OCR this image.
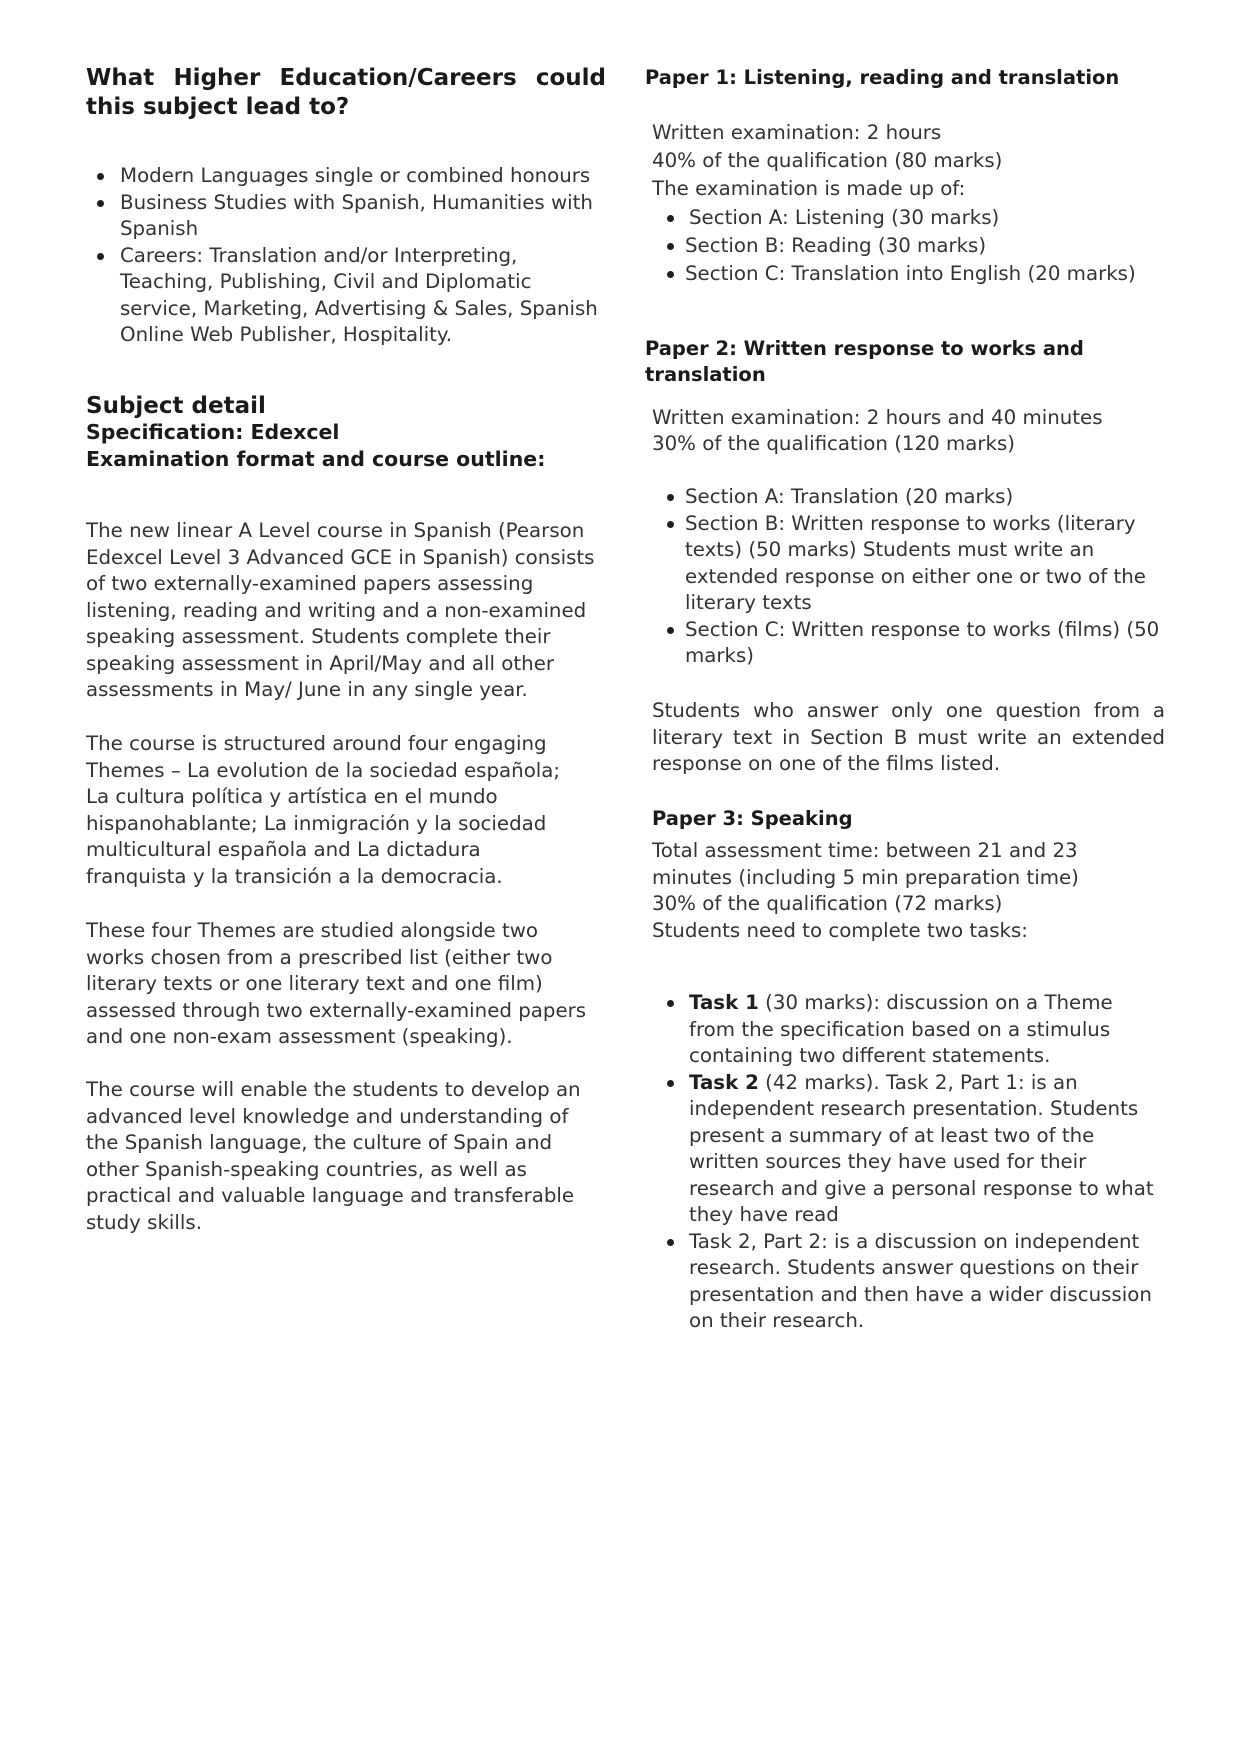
What Higher Education/Careers could this subject lead to?
Modern Languages single or combined honours
Business Studies with Spanish, Humanities with Spanish
Careers: Translation and/or Interpreting, Teaching, Publishing, Civil and Diplomatic service, Marketing, Advertising & Sales, Spanish Online Web Publisher, Hospitality.
Subject detail
Specification: Edexcel
Examination format and course outline:

The new linear A Level course in Spanish (Pearson Edexcel Level 3 Advanced GCE in Spanish) consists of two externally-examined papers assessing listening, reading and writing and a non-examined speaking assessment. Students complete their speaking assessment in April/May and all other assessments in May/ June in any single year.

The course is structured around four engaging Themes – La evolution de la sociedad española; La cultura política y artística en el mundo hispanohablante; La inmigración y la sociedad multicultural española and La dictadura franquista y la transición a la democracia.

These four Themes are studied alongside two works chosen from a prescribed list (either two literary texts or one literary text and one film) assessed through two externally-examined papers and one non-exam assessment (speaking).

The course will enable the students to develop an advanced level knowledge and understanding of the Spanish language, the culture of Spain and other Spanish-speaking countries, as well as practical and valuable language and transferable study skills.

Paper 1: Listening, reading and translation

Written examination: 2 hours

40% of the qualification (80 marks)

The examination is made up of:

Section A: Listening (30 marks)
Section B: Reading (30 marks)
Section C: Translation into English (20 marks)
Paper 2: Written response to works and translation

Written examination: 2 hours and 40 minutes

30% of the qualification (120 marks)

Section A: Translation (20 marks)
Section B: Written response to works (literary texts) (50 marks) Students must write an extended response on either one or two of the literary texts
Section C: Written response to works (films) (50 marks)

Students who answer only one question from a literary text in Section B must write an extended response on one of the films listed.

Paper 3: Speaking

Total assessment time: between 21 and 23 minutes (including 5 min preparation time)

30% of the qualification (72 marks)

Students need to complete two tasks:

Task 1 (30 marks): discussion on a Theme from the specification based on a stimulus containing two different statements.
Task 2 (42 marks). Task 2, Part 1: is an independent research presentation. Students present a summary of at least two of the written sources they have used for their research and give a personal response to what they have read
Task 2, Part 2: is a discussion on independent research. Students answer questions on their presentation and then have a wider discussion on their research.
